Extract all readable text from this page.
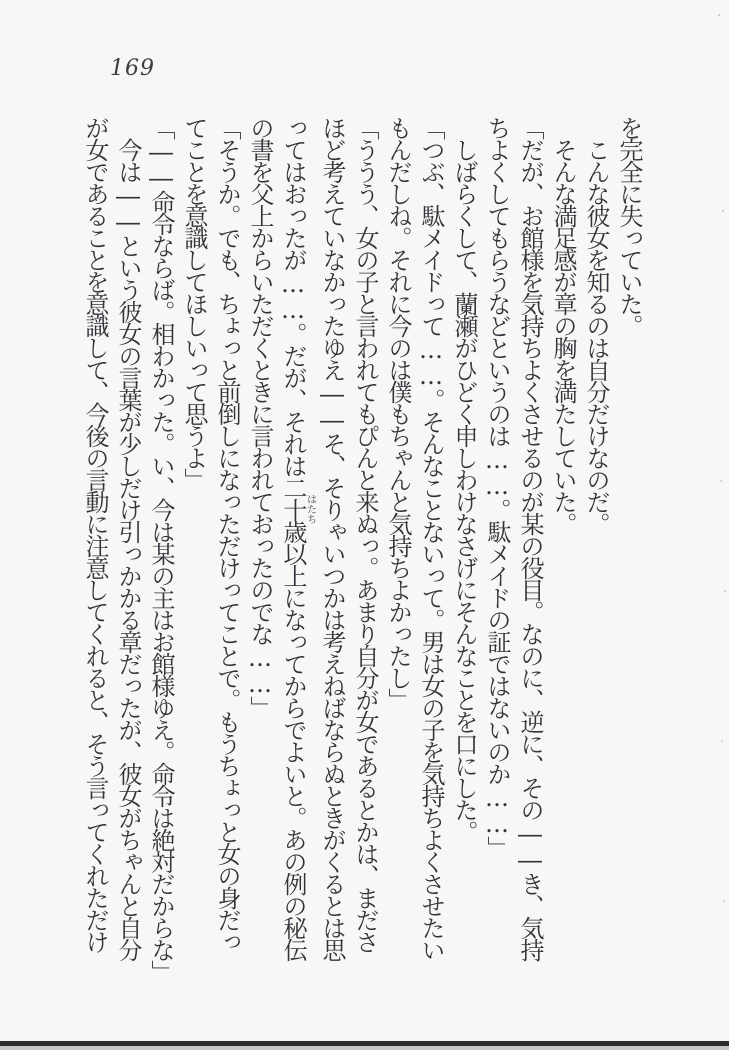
169
を完全に失っていた。
こんな彼女を知るのは自分だけなのだ。
そんな満足感が章の胸を満たしていた。
「だが、お館様を気持ちよくさせるのが某の役目。なのに、逆に、その――き、気持
ちよくしてもらうなどというのは……。駄メイドの証ではないのか……」
しばらくして、蘭瀬がひどく申しわけなさげにそんなことを口にした。
「つぶ、駄メイドって……。そんなことないって。男は女の子を気持ちよくさせたい
もんだしね。それに今のは僕もちゃんと気持ちよかったし」
「ううう、女の子と言われてもぴんと来ぬっ。あまり自分が女であるとかは、まださ
ほど考えていなかったゆえ――そ、そりゃいつかは考えねばならぬときがくるとは思
ってはおったが……。だが、それは二十歳はたち以上になってからでよいと。あの例の秘伝
の書を父上からいただくときに言われておったのでな……」
「そうか。でも、ちょっと前倒しになっただけってことで。もうちょっと女の身だっ
てことを意識してほしいって思うよ」
「――命令ならば。相わかった。い、今は某の主はお館様ゆえ。命令は絶対だからな」
今は――という彼女の言葉が少しだけ引っかかる章だったが、彼女がちゃんと自分
が女であることを意識して、今後の言動に注意してくれると、そう言ってくれただけ
